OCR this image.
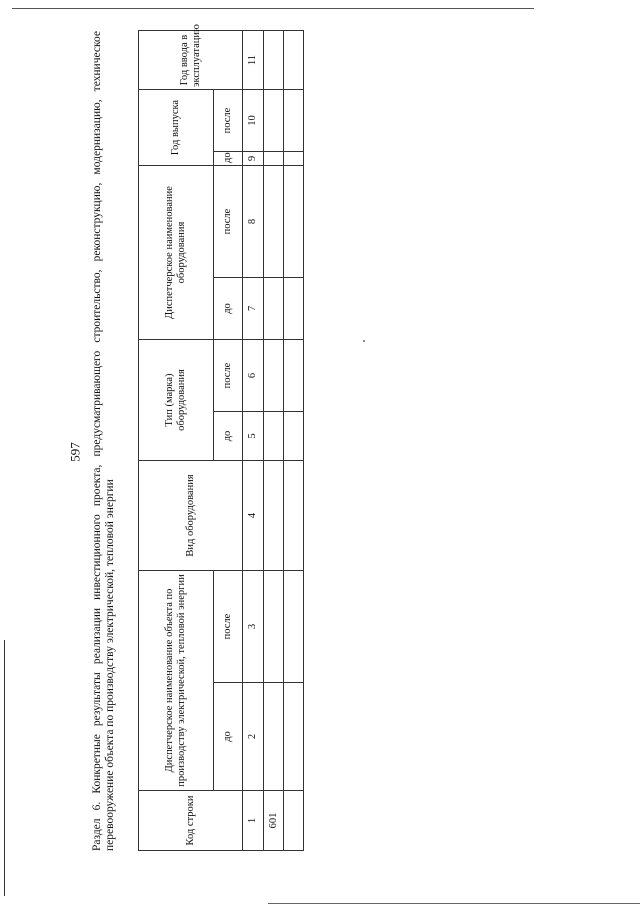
597 Раздел 6. Конкретные результаты реализации инвестиционного проекта, предусматривающего строительство, реконструкцию, модернизацию, техническое перевооружение объекта по производству электрической, тепловой энергии	Код строки	Диспетчерское наименование объекта по производству электрической, тепловой энергии		Вид оборудования	Тип (марка) оборудования		Диспетчерское наименование оборудования		Год выпуска		Год ввода в эксплуатацию
	до	после		до	после	до	после	до	после	
1	2	3	4	5	6	7	8	9	10	11
601										
